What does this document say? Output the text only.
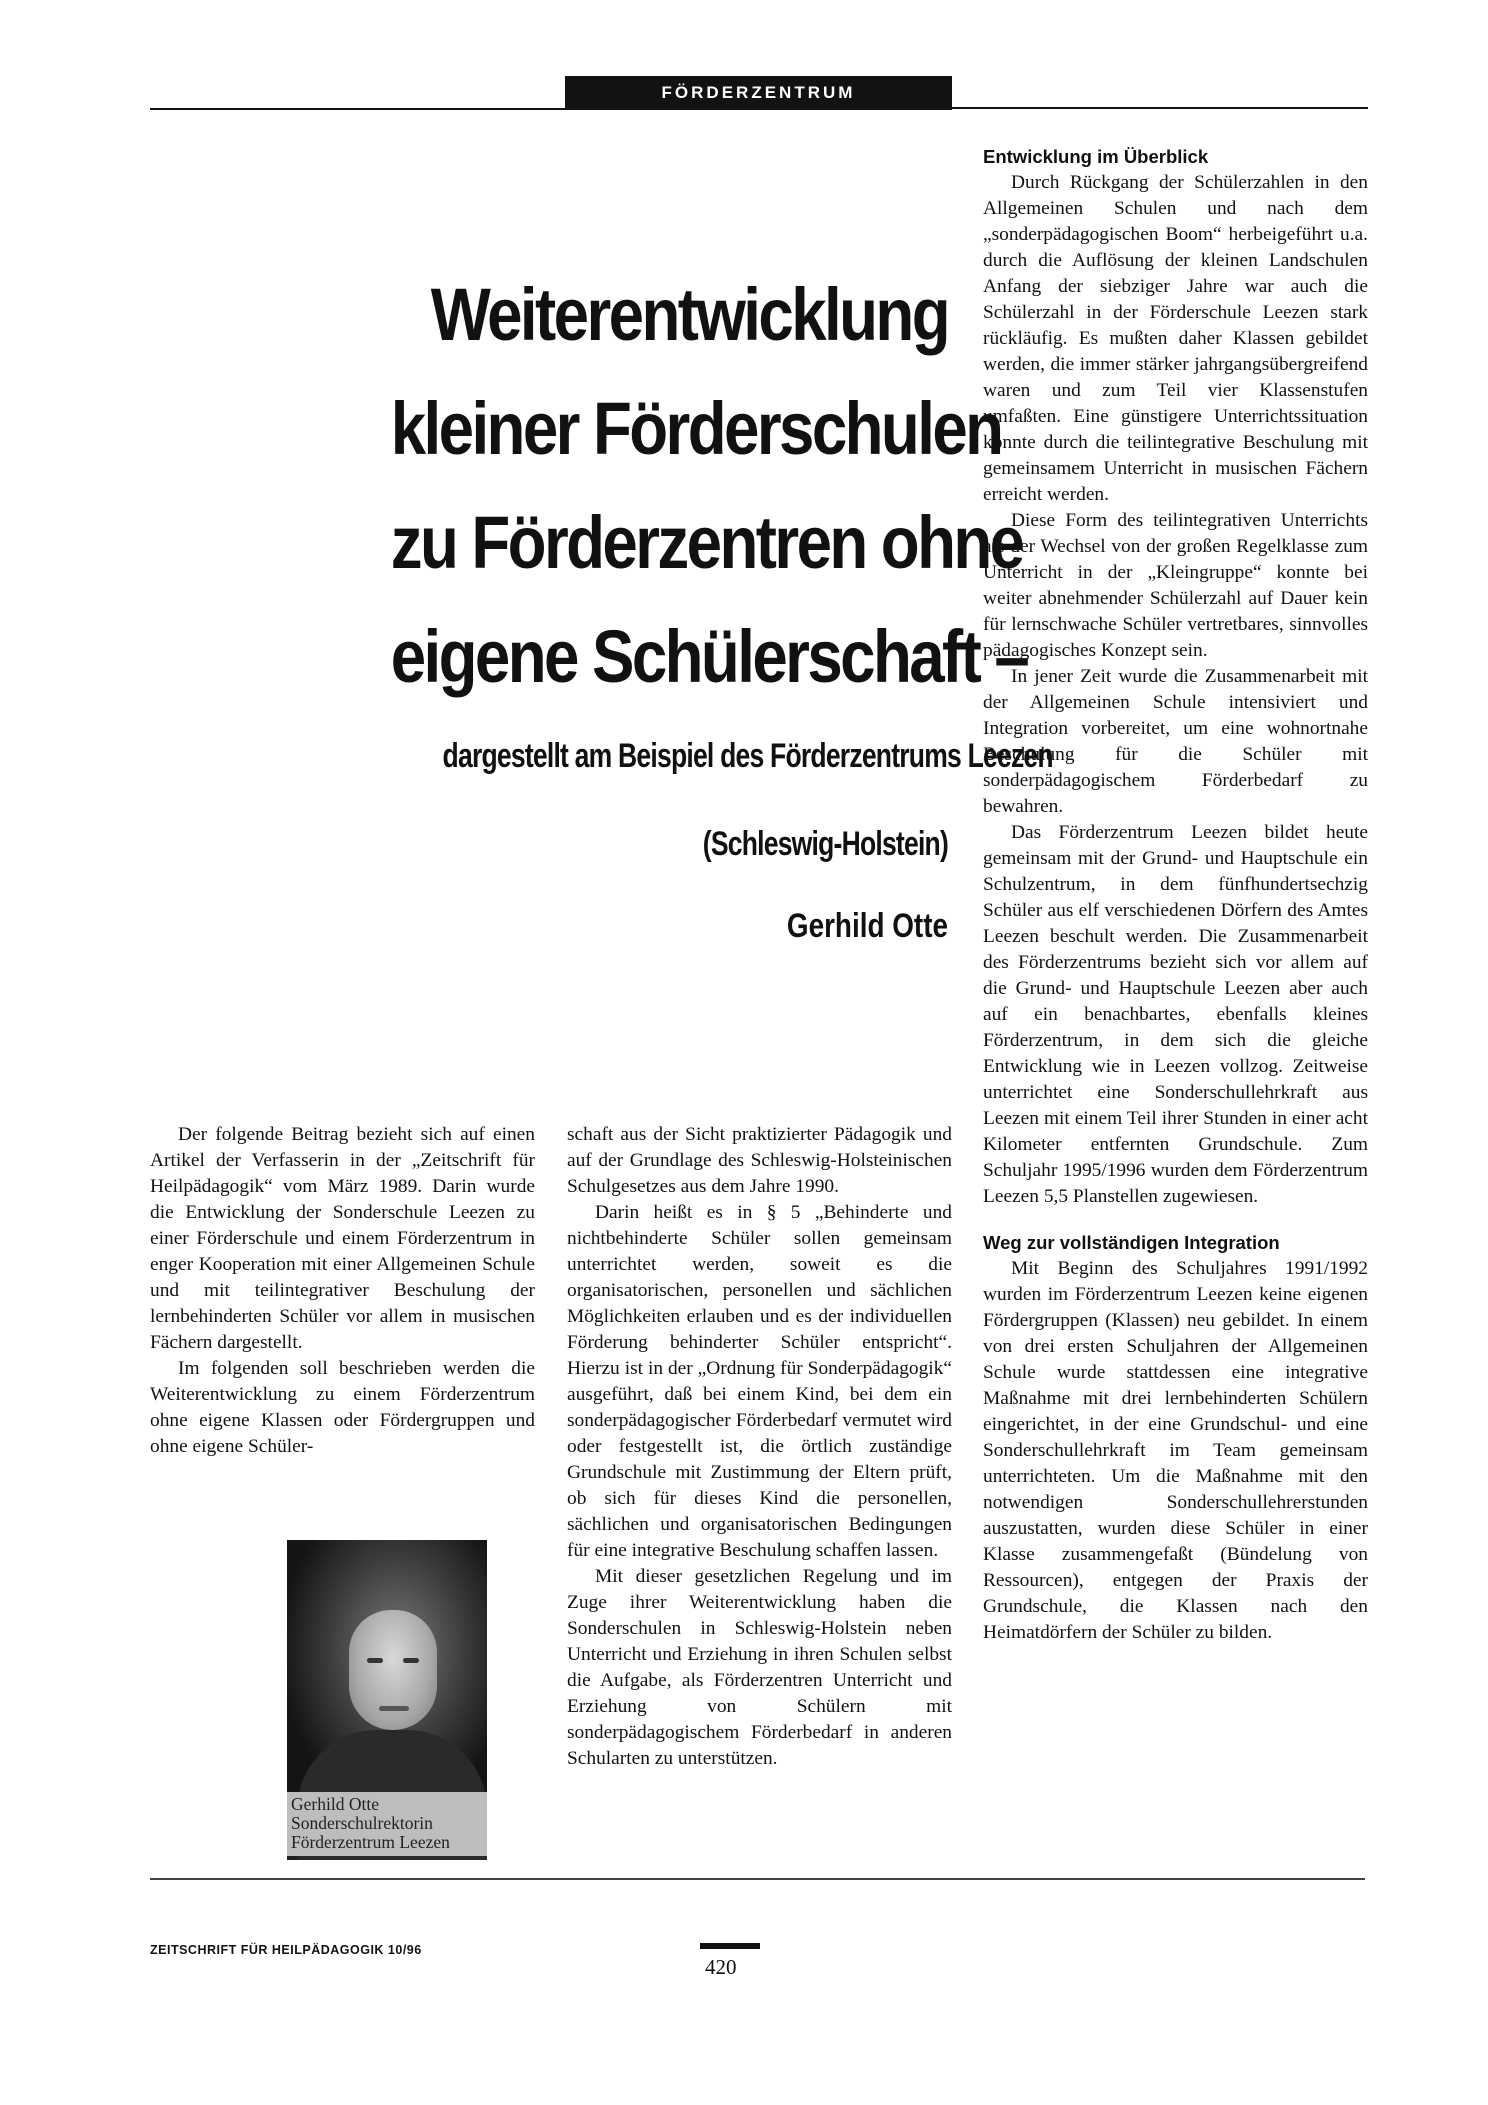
FÖRDERZENTRUM
Weiterentwicklung
kleiner Förderschulen
zu Förderzentren ohne
eigene Schülerschaft –
dargestellt am Beispiel des Förderzentrums Leezen
(Schleswig-Holstein)
Gerhild Otte

Der folgende Beitrag bezieht sich auf einen Artikel der Verfasserin in der „Zeitschrift für Heilpädagogik“ vom März 1989. Darin wurde die Entwicklung der Sonderschule Leezen zu einer Förderschule und einem Förderzentrum in enger Kooperation mit einer Allgemeinen Schule und mit teilintegrativer Beschulung der lernbehinderten Schüler vor allem in musischen Fächern dargestellt.

Im folgenden soll beschrieben werden die Weiterentwicklung zu einem Förderzentrum ohne eigene Klassen oder Fördergruppen und ohne eigene Schüler-

Gerhild Otte
Sonderschulrektorin
Förderzentrum Leezen

schaft aus der Sicht praktizierter Pädagogik und auf der Grundlage des Schleswig-Holsteinischen Schulgesetzes aus dem Jahre 1990.

Darin heißt es in § 5 „Behinderte und nichtbehinderte Schüler sollen gemeinsam unterrichtet werden, soweit es die organisatorischen, personellen und sächlichen Möglichkeiten erlauben und es der individuellen Förderung behinderter Schüler entspricht“. Hierzu ist in der „Ordnung für Sonderpädagogik“ ausgeführt, daß bei einem Kind, bei dem ein sonderpädagogischer Förderbedarf vermutet wird oder festgestellt ist, die örtlich zuständige Grundschule mit Zustimmung der Eltern prüft, ob sich für dieses Kind die personellen, sächlichen und organisatorischen Bedingungen für eine integrative Beschulung schaffen lassen.

Mit dieser gesetzlichen Regelung und im Zuge ihrer Weiterentwicklung haben die Sonderschulen in Schleswig-Holstein neben Unterricht und Erziehung in ihren Schulen selbst die Aufgabe, als Förderzentren Unterricht und Erziehung von Schülern mit sonderpädagogischem Förderbedarf in anderen Schularten zu unterstützen.

Entwicklung im Überblick

Durch Rückgang der Schülerzahlen in den Allgemeinen Schulen und nach dem „sonderpädagogischen Boom“ herbeigeführt u.a. durch die Auflösung der kleinen Landschulen Anfang der siebziger Jahre war auch die Schülerzahl in der Förderschule Leezen stark rückläufig. Es mußten daher Klassen gebildet werden, die immer stärker jahrgangsübergreifend waren und zum Teil vier Klassenstufen umfaßten. Eine günstigere Unterrichtssituation konnte durch die teilintegrative Beschulung mit gemeinsamem Unterricht in musischen Fächern erreicht werden.

Diese Form des teilintegrativen Unterrichts als der Wechsel von der großen Regelklasse zum Unterricht in der „Kleingruppe“ konnte bei weiter abnehmender Schülerzahl auf Dauer kein für lernschwache Schüler vertretbares, sinnvolles pädagogisches Konzept sein.

In jener Zeit wurde die Zusammenarbeit mit der Allgemeinen Schule intensiviert und Integration vorbereitet, um eine wohnortnahe Beschulung für die Schüler mit sonderpädagogischem Förderbedarf zu bewahren.

Das Förderzentrum Leezen bildet heute gemeinsam mit der Grund- und Hauptschule ein Schulzentrum, in dem fünfhundertsechzig Schüler aus elf verschiedenen Dörfern des Amtes Leezen beschult werden. Die Zusammenarbeit des Förderzentrums bezieht sich vor allem auf die Grund- und Hauptschule Leezen aber auch auf ein benachbartes, ebenfalls kleines Förderzentrum, in dem sich die gleiche Entwicklung wie in Leezen vollzog. Zeitweise unterrichtet eine Sonderschullehrkraft aus Leezen mit einem Teil ihrer Stunden in einer acht Kilometer entfernten Grundschule. Zum Schuljahr 1995/1996 wurden dem Förderzentrum Leezen 5,5 Planstellen zugewiesen.

Weg zur vollständigen Integration

Mit Beginn des Schuljahres 1991/1992 wurden im Förderzentrum Leezen keine eigenen Fördergruppen (Klassen) neu gebildet. In einem von drei ersten Schuljahren der Allgemeinen Schule wurde stattdessen eine integrative Maßnahme mit drei lernbehinderten Schülern eingerichtet, in der eine Grundschul- und eine Sonderschullehrkraft im Team gemeinsam unterrichteten. Um die Maßnahme mit den notwendigen Sonderschullehrerstunden auszustatten, wurden diese Schüler in einer Klasse zusammengefaßt (Bündelung von Ressourcen), entgegen der Praxis der Grundschule, die Klassen nach den Heimatdörfern der Schüler zu bilden.

ZEITSCHRIFT FÜR HEILPÄDAGOGIK 10/96
420
